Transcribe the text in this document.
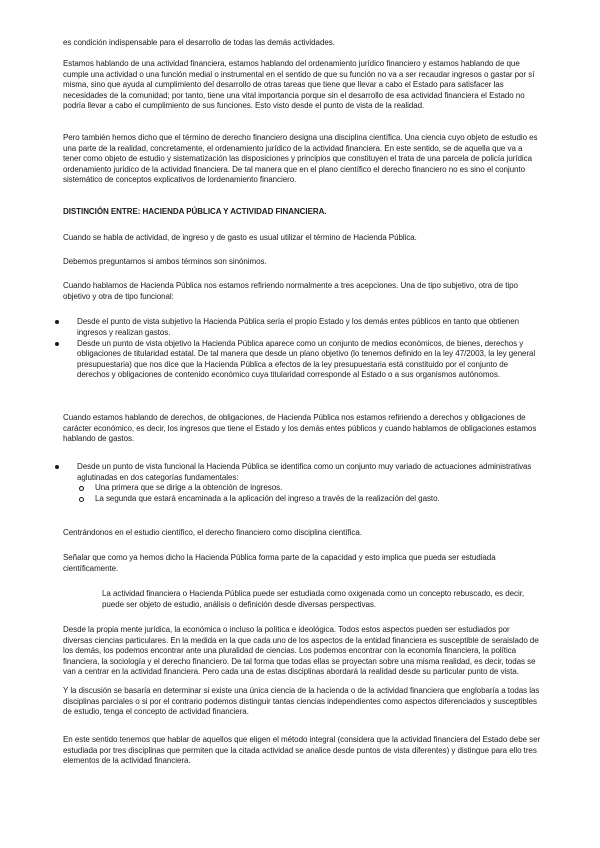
es condición indispensable para el desarrollo de todas las demás actividades.

Estamos hablando de una actividad financiera, estamos hablando del ordenamiento jurídico financiero y estamos hablando de que cumple una actividad o una función medial o instrumental en el sentido de que su función no va a ser recaudar ingresos o gastar por sí misma, sino que ayuda al cumplimiento del desarrollo de otras tareas que tiene que llevar a cabo el Estado para satisfacer las necesidades de la comunidad; por tanto, tiene una vital importancia porque sin el desarrollo de esa actividad financiera el Estado no podría llevar a cabo el cumplimiento de sus funciones. Esto visto desde el punto de vista de la realidad.

Pero también hemos dicho que el término de derecho financiero designa una disciplina científica. Una ciencia cuyo objeto de estudio es una parte de la realidad, concretamente, el ordenamiento jurídico de la actividad financiera. En este sentido, se de aquella que va a tener como objeto de estudio y sistematización las disposiciones y principios que constituyen el trata de una parcela de policía jurídica ordenamiento jurídico de la actividad financiera. De tal manera que en el plano científico el derecho financiero no es sino el conjunto sistemático de conceptos explicativos de lordenamiento financiero.

DISTINCIÓN ENTRE: HACIENDA PÚBLICA Y ACTIVIDAD FINANCIERA.

Cuando se habla de actividad, de ingreso y de gasto es usual utilizar el término de Hacienda Pública.

Debemos preguntarnos si ambos términos son sinónimos.

Cuando hablamos de Hacienda Pública nos estamos refiriendo normalmente a tres acepciones. Una de tipo subjetivo, otra de tipo objetivo y otra de tipo funcional:

Desde el punto de vista subjetivo la Hacienda Pública sería el propio Estado y los demás entes públicos en tanto que obtienen ingresos y realizan gastos.
Desde un punto de vista objetivo la Hacienda Pública aparece como un conjunto de medios económicos, de bienes, derechos y obligaciones de titularidad estatal. De tal manera que desde un plano objetivo (lo tenemos definido en la ley 47/2003, la ley general presupuestaria) que nos dice que la Hacienda Pública a efectos de la ley presupuestaria está constituido por el conjunto de derechos y obligaciones de contenido económico cuya titularidad corresponde al Estado o a sus organismos autónomos.

Cuando estamos hablando de derechos, de obligaciones, de Hacienda Pública nos estamos refiriendo a derechos y obligaciones de carácter económico, es decir, los ingresos que tiene el Estado y los demás entes públicos y cuando hablamos de obligaciones estamos hablando de gastos.

Desde un punto de vista funcional la Hacienda Pública se identifica como un conjunto muy variado de actuaciones administrativas aglutinadas en dos categorías fundamentales:
Una primera que se dirige a la obtención de ingresos.
La segunda que estará encaminada a la aplicación del ingreso a través de la realización del gasto.

Centrándonos en el estudio científico, el derecho financiero como disciplina científica.

Señalar que como ya hemos dicho la Hacienda Pública forma parte de la capacidad y esto implica que pueda ser estudiada científicamente.

La actividad financiera o Hacienda Pública puede ser estudiada como oxigenada como un concepto rebuscado, es decir, puede ser objeto de estudio, análisis o definición desde diversas perspectivas.

Desde la propia mente jurídica, la económica o incluso la política e ideológica. Todos estos aspectos pueden ser estudiados por diversas ciencias particulares. En la medida en la que cada uno de los aspectos de la entidad financiera es susceptible de seraislado de los demás, los podemos encontrar ante una pluralidad de ciencias. Los podemos encontrar con la economía financiera, la política financiera, la sociología y el derecho financiero. De tal forma que todas ellas se proyectan sobre una misma realidad, es decir, todas se van a centrar en la actividad financiera. Pero cada una de estas disciplinas abordará la realidad desde su particular punto de vista.

Y la discusión se basaría en determinar si existe una única ciencia de la hacienda o de la actividad financiera que englobaría a todas las disciplinas parciales o si por el contrario podemos distinguir tantas ciencias independientes como aspectos diferenciados y susceptibles de estudio, tenga el concepto de actividad financiera.

En este sentido tenemos que hablar de aquellos que eligen el método integral (considera que la actividad financiera del Estado debe ser estudiada por tres disciplinas que permiten que la citada actividad se analice desde puntos de vista diferentes) y distingue para ello tres elementos de la actividad financiera.
